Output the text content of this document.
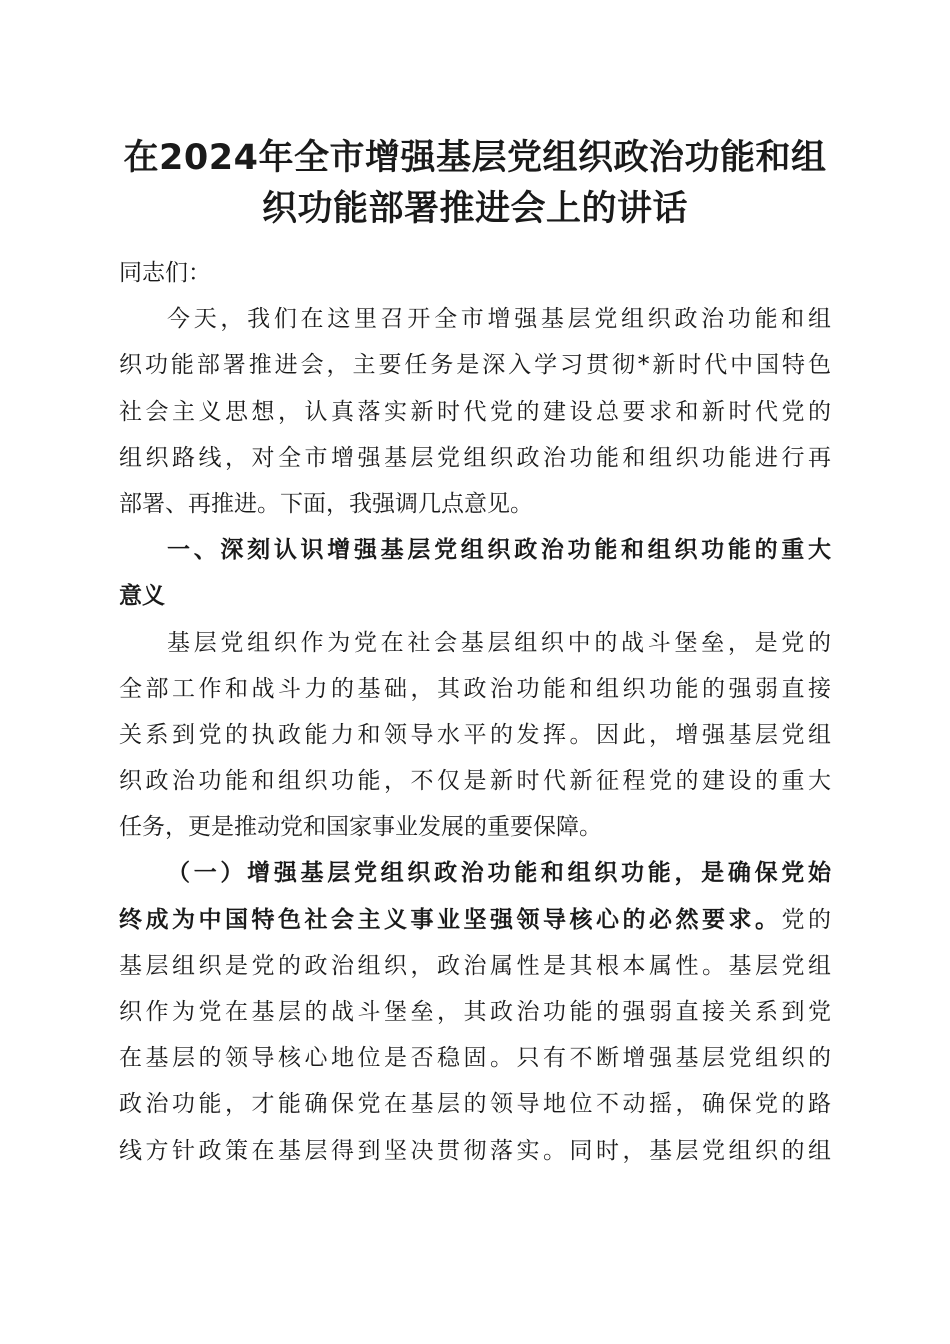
在2024年全市增强基层党组织政治功能和组
织功能部署推进会上的讲话
同志们：
今天，我们在这里召开全市增强基层党组织政治功能和组
织功能部署推进会，主要任务是深入学习贯彻*新时代中国特色
社会主义思想，认真落实新时代党的建设总要求和新时代党的
组织路线，对全市增强基层党组织政治功能和组织功能进行再
部署、再推进。下面，我强调几点意见。
一、深刻认识增强基层党组织政治功能和组织功能的重大
意义
基层党组织作为党在社会基层组织中的战斗堡垒，是党的
全部工作和战斗力的基础，其政治功能和组织功能的强弱直接
关系到党的执政能力和领导水平的发挥。因此，增强基层党组
织政治功能和组织功能，不仅是新时代新征程党的建设的重大
任务，更是推动党和国家事业发展的重要保障。
（一）增强基层党组织政治功能和组织功能，是确保党始
终成为中国特色社会主义事业坚强领导核心的必然要求。党的
基层组织是党的政治组织，政治属性是其根本属性。基层党组
织作为党在基层的战斗堡垒，其政治功能的强弱直接关系到党
在基层的领导核心地位是否稳固。只有不断增强基层党组织的
政治功能，才能确保党在基层的领导地位不动摇，确保党的路
线方针政策在基层得到坚决贯彻落实。同时，基层党组织的组
